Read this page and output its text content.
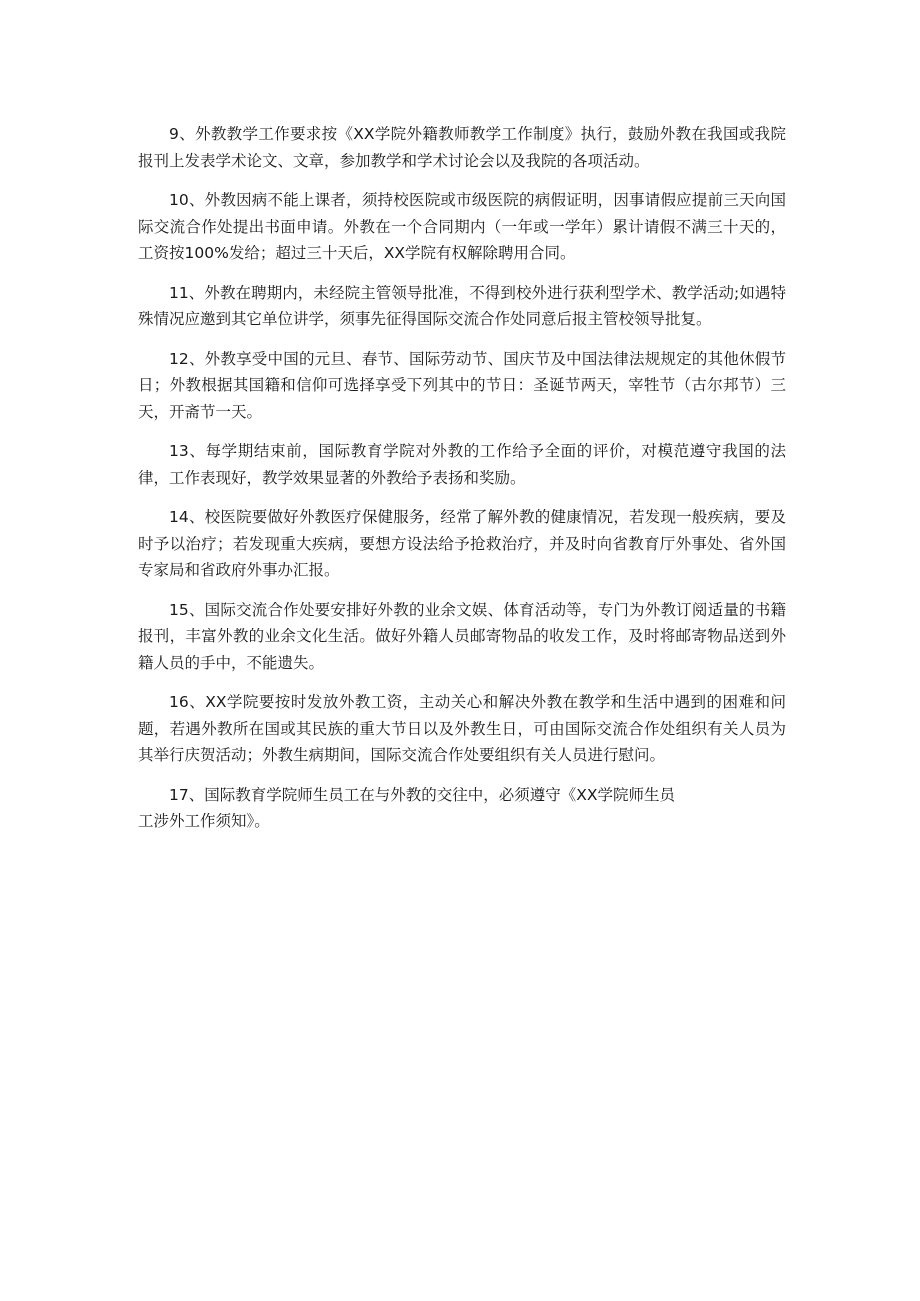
9、外教教学工作要求按《XX学院外籍教师教学工作制度》执行，鼓励外教在我国或我院报刊上发表学术论文、文章，参加教学和学术讨论会以及我院的各项活动。

10、外教因病不能上课者，须持校医院或市级医院的病假证明，因事请假应提前三天向国际交流合作处提出书面申请。外教在一个合同期内（一年或一学年）累计请假不满三十天的，工资按100%发给；超过三十天后，XX学院有权解除聘用合同。

11、外教在聘期内，未经院主管领导批准，不得到校外进行获利型学术、教学活动;如遇特殊情况应邀到其它单位讲学，须事先征得国际交流合作处同意后报主管校领导批复。

12、外教享受中国的元旦、春节、国际劳动节、国庆节及中国法律法规规定的其他休假节日；外教根据其国籍和信仰可选择享受下列其中的节日：圣诞节两天，宰牲节（古尔邦节）三天，开斋节一天。

13、每学期结束前，国际教育学院对外教的工作给予全面的评价，对模范遵守我国的法律，工作表现好，教学效果显著的外教给予表扬和奖励。

14、校医院要做好外教医疗保健服务，经常了解外教的健康情况，若发现一般疾病，要及时予以治疗；若发现重大疾病，要想方设法给予抢救治疗，并及时向省教育厅外事处、省外国专家局和省政府外事办汇报。

15、国际交流合作处要安排好外教的业余文娱、体育活动等，专门为外教订阅适量的书籍报刊，丰富外教的业余文化生活。做好外籍人员邮寄物品的收发工作，及时将邮寄物品送到外籍人员的手中，不能遗失。

16、XX学院要按时发放外教工资，主动关心和解决外教在教学和生活中遇到的困难和问题，若遇外教所在国或其民族的重大节日以及外教生日，可由国际交流合作处组织有关人员为其举行庆贺活动；外教生病期间，国际交流合作处要组织有关人员进行慰问。

17、国际教育学院师生员工在与外教的交往中，必须遵守《XX学院师生员
工涉外工作须知》。
